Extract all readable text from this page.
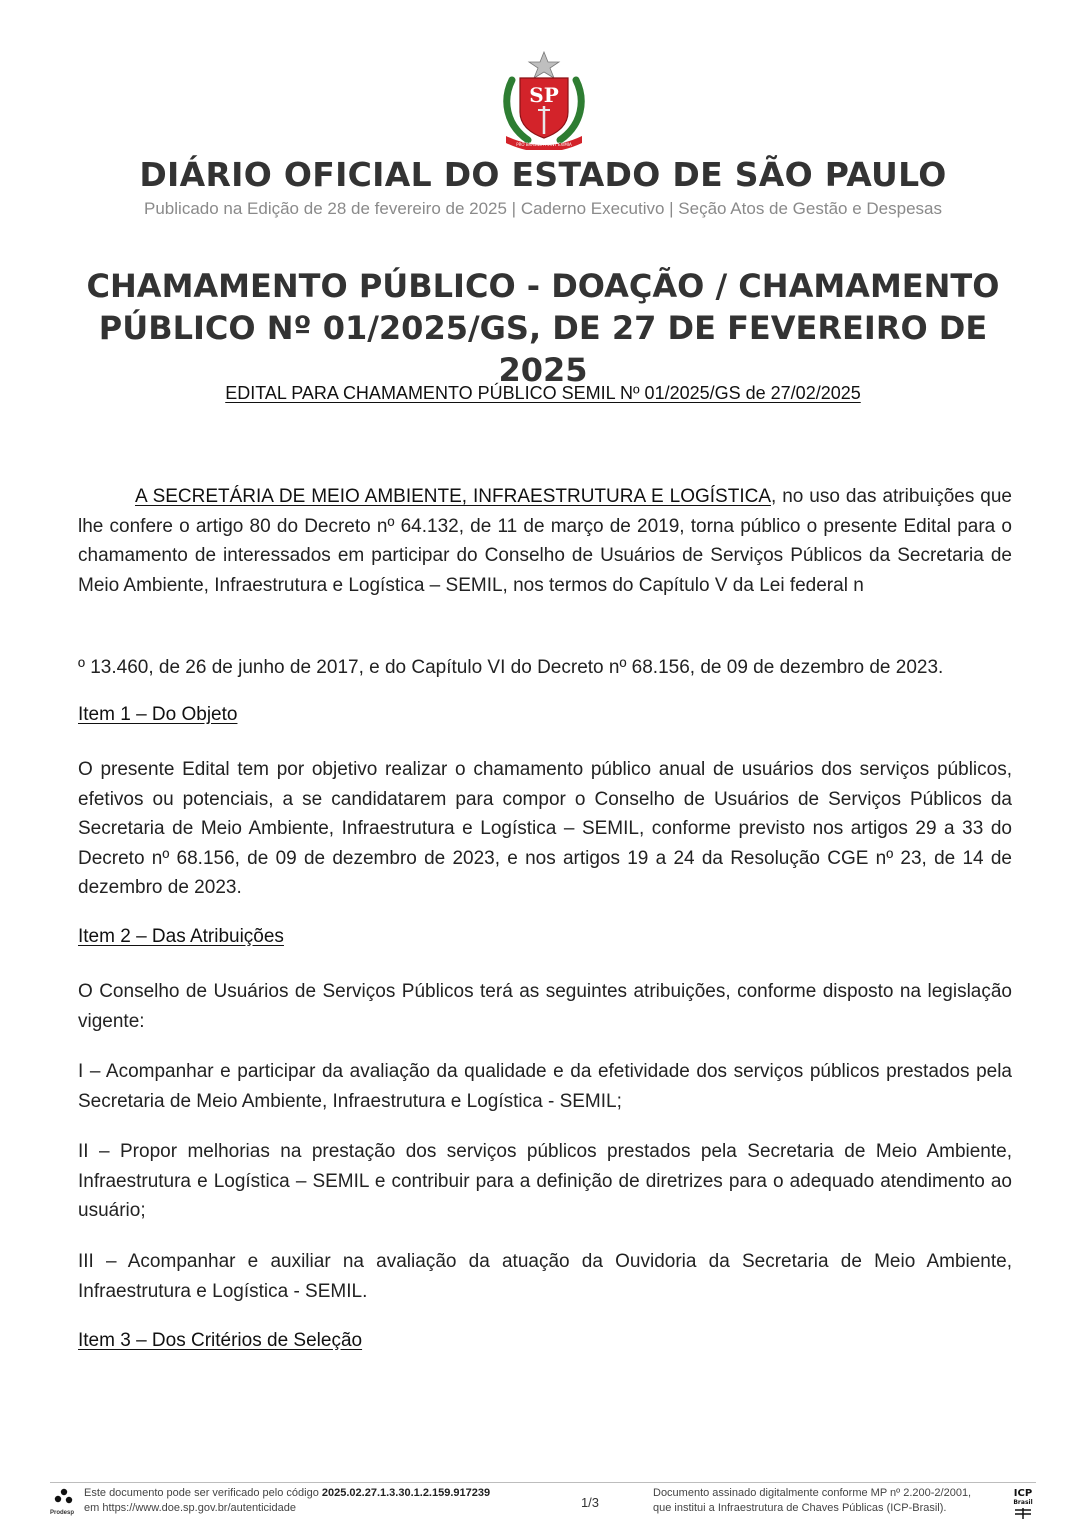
SP
PRO BRASILIA FIANT EXIMIA
DIÁRIO OFICIAL DO ESTADO DE SÃO PAULO
Publicado na Edição de 28 de fevereiro de 2025 | Caderno Executivo | Seção Atos de Gestão e Despesas
CHAMAMENTO PÚBLICO - DOAÇÃO / CHAMAMENTO PÚBLICO Nº 01/2025/GS, DE 27 DE FEVEREIRO DE 2025
EDITAL PARA CHAMAMENTO PÚBLICO SEMIL Nº 01/2025/GS de 27/02/2025

A SECRETÁRIA DE MEIO AMBIENTE, INFRAESTRUTURA E LOGÍSTICA, no uso das atribuições que lhe confere o artigo 80 do Decreto nº 64.132, de 11 de março de 2019, torna público o presente Edital para o chamamento de interessados em participar do Conselho de Usuários de Serviços Públicos da Secretaria de Meio Ambiente, Infraestrutura e Logística – SEMIL, nos termos do Capítulo V da Lei federal n

º 13.460, de 26 de junho de 2017, e do Capítulo VI do Decreto nº 68.156, de 09 de dezembro de 2023.

Item 1 – Do Objeto

O presente Edital tem por objetivo realizar o chamamento público anual de usuários dos serviços públicos, efetivos ou potenciais, a se candidatarem para compor o Conselho de Usuários de Serviços Públicos da Secretaria de Meio Ambiente, Infraestrutura e Logística – SEMIL, conforme previsto nos artigos 29 a 33 do Decreto nº 68.156, de 09 de dezembro de 2023, e nos artigos 19 a 24 da Resolução CGE nº 23, de 14 de dezembro de 2023.

Item 2 – Das Atribuições

O Conselho de Usuários de Serviços Públicos terá as seguintes atribuições, conforme disposto na legislação vigente:

I – Acompanhar e participar da avaliação da qualidade e da efetividade dos serviços públicos prestados pela Secretaria de Meio Ambiente, Infraestrutura e Logística - SEMIL;

II – Propor melhorias na prestação dos serviços públicos prestados pela Secretaria de Meio Ambiente, Infraestrutura e Logística – SEMIL e contribuir para a definição de diretrizes para o adequado atendimento ao usuário;

III – Acompanhar e auxiliar na avaliação da atuação da Ouvidoria da Secretaria de Meio Ambiente, Infraestrutura e Logística - SEMIL.

Item 3 – Dos Critérios de Seleção

Prodesp
Este documento pode ser verificado pelo código 2025.02.27.1.3.30.1.2.159.917239
em https://www.doe.sp.gov.br/autenticidade	1/3
Documento assinado digitalmente conforme MP nº 2.200-2/2001,
que institui a Infraestrutura de Chaves Públicas (ICP-Brasil).
ICP
Brasil
